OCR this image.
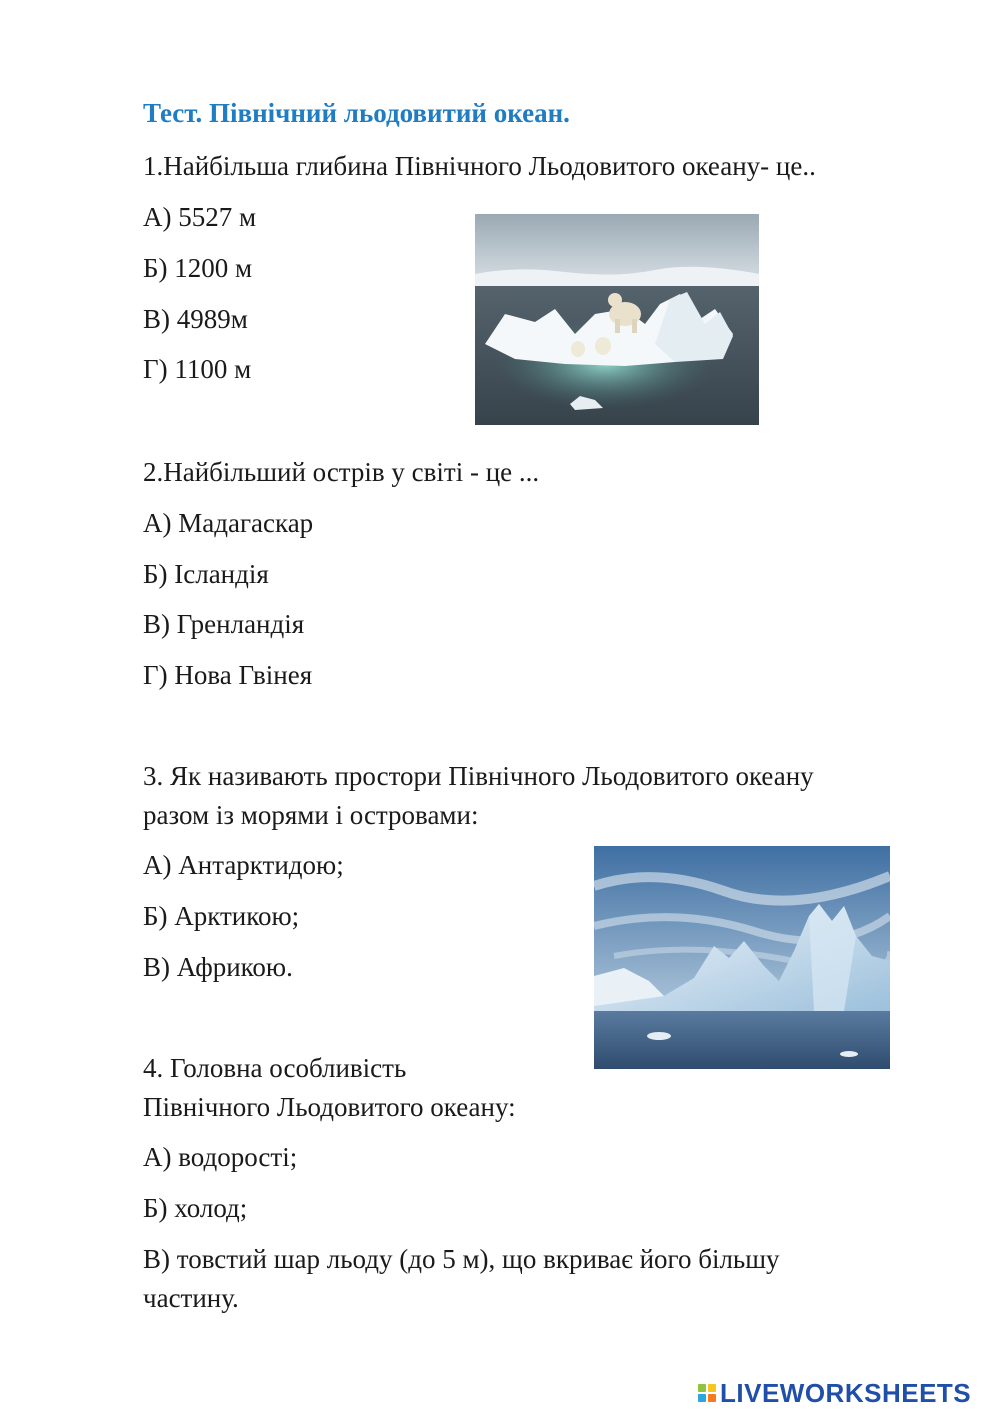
Тест. Північний льодовитий океан.
1.Найбільша глибина Північного Льодовитого океану- це..
А) 5527 м
Б) 1200 м
В) 4989м
Г) 1100 м
2.Найбільший острів у світі - це ...
А) Мадагаскар
Б) Ісландія
В) Гренландія
Г) Нова Гвінея
3. Як називають простори Північного Льодовитого океану
разом із морями і островами:
А) Антарктидою;
Б) Арктикою;
В) Африкою.
4. Головна особливість
Північного Льодовитого океану:
А) водорості;
Б) холод;
В) товстий шар льоду (до 5 м), що вкриває його більшу
частину.
LIVEWORKSHEETS
